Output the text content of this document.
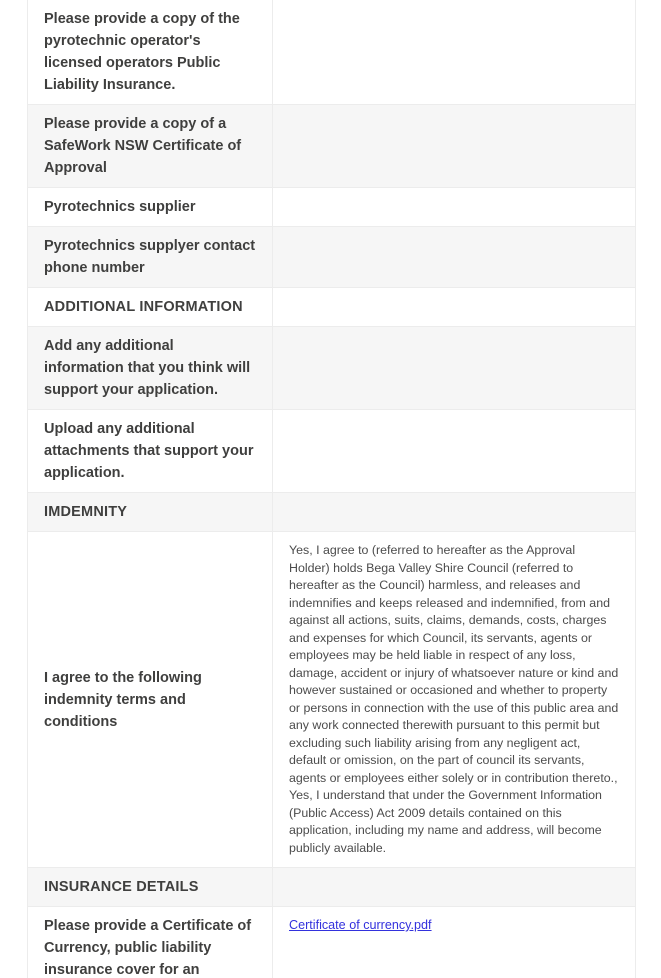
Please provide a copy of the pyrotechnic operator's licensed operators Public Liability Insurance.	
Please provide a copy of a SafeWork NSW Certificate of Approval	
Pyrotechnics supplier	
Pyrotechnics supplyer contact phone number	
ADDITIONAL INFORMATION	
Add any additional information that you think will support your application.	
Upload any additional attachments that support your application.	
IMDEMNITY	
I agree to the following indemnity terms and conditions	Yes, I agree to (referred to hereafter as the Approval Holder) holds Bega Valley Shire Council (referred to hereafter as the Council) harmless, and releases and indemnifies and keeps released and indemnified, from and against all actions, suits, claims, demands, costs, charges and expenses for which Council, its servants, agents or employees may be held liable in respect of any loss, damage, accident or injury of whatsoever nature or kind and however sustained or occasioned and whether to property or persons in connection with the use of this public area and any work connected therewith pursuant to this permit but excluding such liability arising from any negligent act, default or omission, on the part of council its servants, agents or employees either solely or in contribution thereto., Yes, I understand that under the Government Information (Public Access) Act 2009 details contained on this application, including my name and address, will become publicly available.
INSURANCE DETAILS	
Please provide a Certificate of Currency, public liability insurance cover for an	Certificate of currency.pdf
